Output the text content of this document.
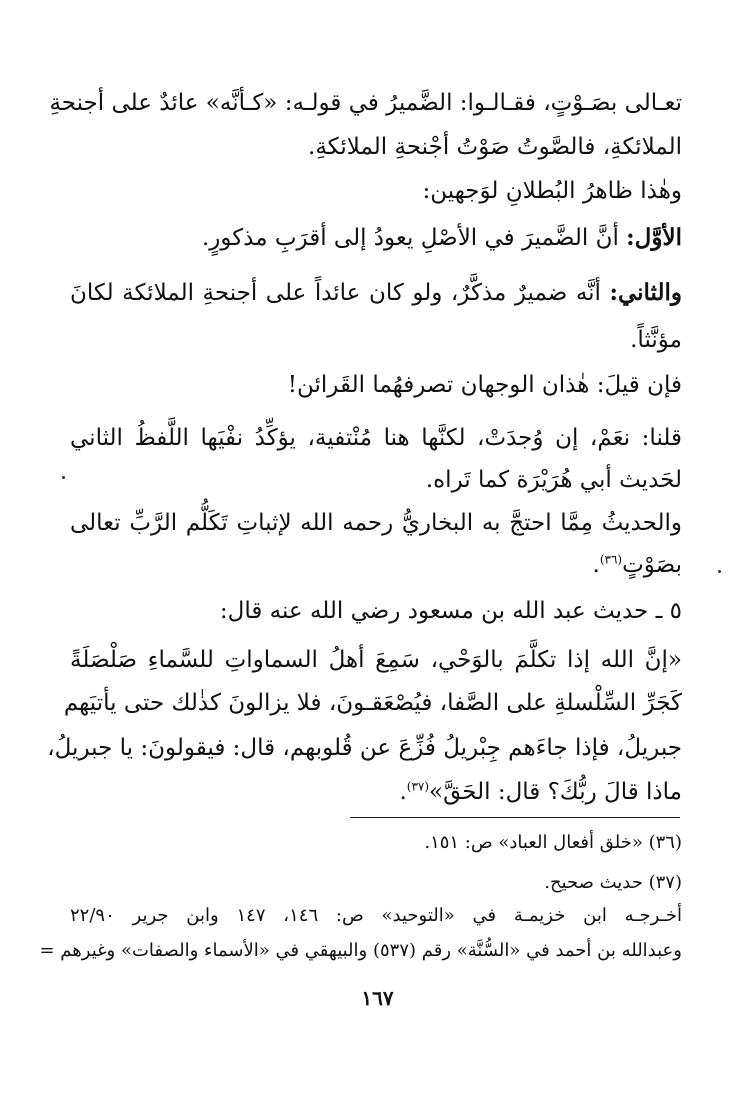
تعـالى بصَـوْتٍ، فقـالـوا: الضَّميرُ في قولـه: «كـأنَّه» عائدٌ على أجنحةِ
الملائكةِ، فالصَّوتُ صَوْتُ أجْنحةِ الملائكةِ.
وهٰذا ظاهرُ البُطلانِ لوَجهين:
الأوَّل: أنَّ الضَّميرَ في الأصْلِ يعودُ إلى أقرَبِ مذكورٍ.
والثاني: أنَّه ضميرٌ مذكَّرٌ، ولو كان عائداً على أجنحةِ الملائكة لكانَ
مؤنَّثاً.
فإن قيلَ: هٰذان الوجهان تصرفهُما القَرائن!
قلنا: نعَمْ، إن وُجدَتْ، لكنَّها هنا مُنْتفية، يؤكِّدُ نفْيَها اللَّفظُ الثاني
لحَديث أبي هُرَيْرَة كما تَراه.
والحديثُ مِمَّا احتجَّ به البخاريُّ رحمه الله لإثباتِ تَكَلُّم الرَّبِّ تعالى
بصَوْتٍ$^{(٣٦)}$.
٥ ـ حديث عبد الله بن مسعود رضي الله عنه قال:
«إنَّ الله إذا تكلَّمَ بالوَحْي، سَمِعَ أهلُ السماواتِ للسَّماءِ صَلْصَلَةً
كَجَرِّ السِّلْسلةِ على الصَّفا، فيُصْعَقـونَ، فلا يزالونَ كذٰلك حتى يأتيَهم
جبريلُ، فإذا جاءَهم جِبْريلُ فُزِّعَ عن قُلوبهم، قال: فيقولونَ: يا جبريلُ،
ماذا قالَ ربُّكَ؟ قال: الحَقَّ»$^{(٣٧)}$.
(٣٦) «خلق أفعال العباد» ص: ١٥١.
(٣٧) حديث صحيح.
أخـرجـه ابن خزيمـة في «التوحيد» ص: ١٤٦، ١٤٧ وابن جرير ٢٢/٩٠
وعبدالله بن أحمد في «السُّنَّة» رقم (٥٣٧) والبيهقي في «الأسماء والصفات» وغيرهم =
١٦٧
